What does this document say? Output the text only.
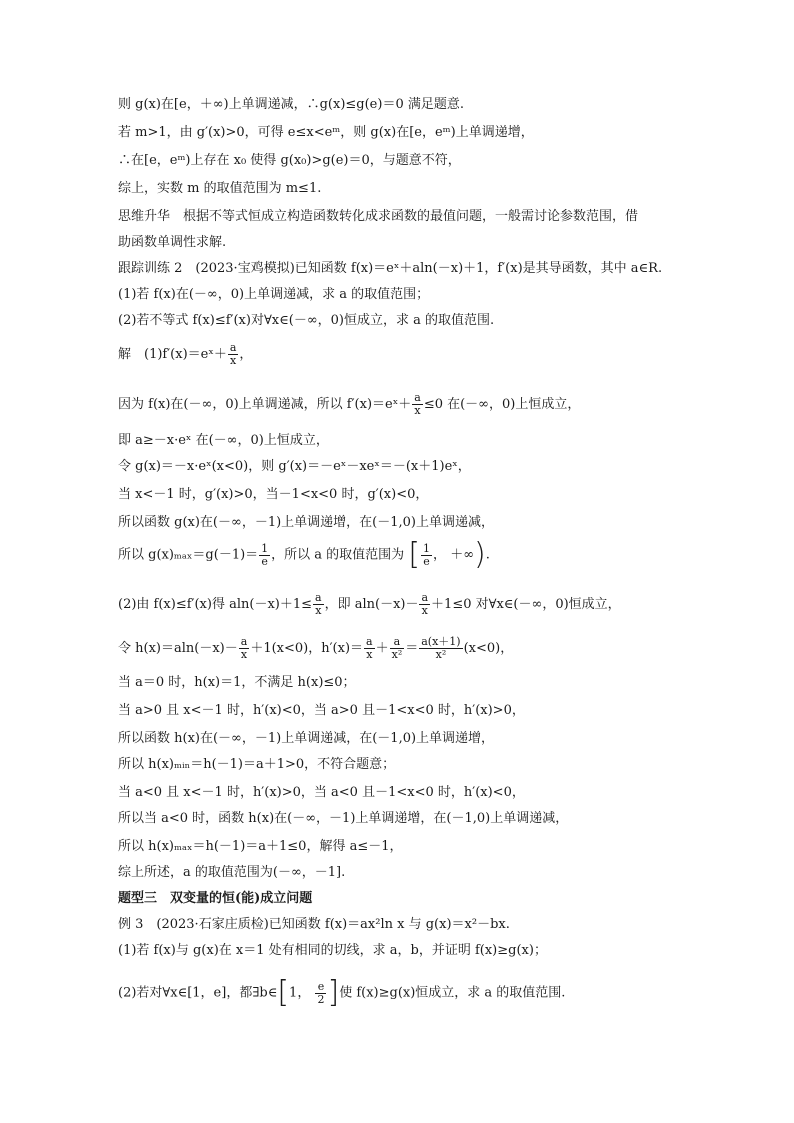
则 g(x)在[e，＋∞)上单调递减，∴g(x)≤g(e)＝0 满足题意.
若 m>1，由 g′(x)>0，可得 e≤x<eᵐ，则 g(x)在[e，eᵐ)上单调递增，
∴在[e，eᵐ)上存在 x₀ 使得 g(x₀)>g(e)＝0，与题意不符，
综上，实数 m 的取值范围为 m≤1.
思维升华　根据不等式恒成立构造函数转化成求函数的最值问题，一般需讨论参数范围，借
助函数单调性求解.
跟踪训练 2　(2023·宝鸡模拟)已知函数 f(x)＝eˣ＋aln(－x)＋1，f′(x)是其导函数，其中 a∈R.
(1)若 f(x)在(－∞，0)上单调递减，求 a 的取值范围；
(2)若不等式 f(x)≤f′(x)对∀x∈(－∞，0)恒成立，求 a 的取值范围.
解　(1)f′(x)＝eˣ＋ $\frac{a}{x}$ ，
因为 f(x)在(－∞，0)上单调递减，所以 f′(x)＝eˣ＋ $\frac{a}{x} \le 0$ 在(－∞，0)上恒成立，
即 a≥－x·eˣ 在(－∞，0)上恒成立，
令 g(x)＝－x·eˣ(x<0)，则 g′(x)＝－eˣ－xeˣ＝－(x＋1)eˣ，
当 x<－1 时，g′(x)>0，当－1<x<0 时，g′(x)<0，
所以函数 g(x)在(－∞，－1)上单调递增，在(－1,0)上单调递减，
所以 $g(x)_{max}=g(-1)= \frac{1}{e}$ ，所以 a 的取值范围为 [ $\frac{1}{e}$ ， ＋∞).
(2)由 f(x)≤f′(x)得 $aln(-x)+1\le \frac{a}{x}$ ，即 $aln(-x)- \frac{a}{x} +1\le 0$ 对∀x∈(－∞，0)恒成立，
令 $h(x)=aln(-x)- \frac{a}{x} +1(x<0)$，$h'(x)= \frac{a}{x} + \frac{a}{\text{x²}} = \frac{a(x+1)}{\text{x²}} (x<0)$，
当 a＝0 时，h(x)＝1，不满足 h(x)≤0；
当 a>0 且 x<－1 时，h′(x)<0，当 a>0 且－1<x<0 时，h′(x)>0，
所以函数 h(x)在(－∞，－1)上单调递减，在(－1,0)上单调递增，
所以 h(x)ₘᵢₙ＝h(－1)＝a＋1>0，不符合题意；
当 a<0 且 x<－1 时，h′(x)>0，当 a<0 且－1<x<0 时，h′(x)<0，
所以当 a<0 时，函数 h(x)在(－∞，－1)上单调递增，在(－1,0)上单调递减，
所以 h(x)ₘₐₓ＝h(－1)＝a＋1≤0，解得 a≤－1，
综上所述，a 的取值范围为(－∞，－1].
题型三　双变量的恒(能)成立问题
例 3　(2023·石家庄质检)已知函数 f(x)＝ax²ln x 与 g(x)＝x²－bx.
(1)若 f(x)与 g(x)在 x＝1 处有相同的切线，求 a，b，并证明 f(x)≥g(x)；
(2)若对∀x∈[1，e]，都∃b∈[1， $\frac{e}{2}$ ]使 f(x)≥g(x)恒成立，求 a 的取值范围.
